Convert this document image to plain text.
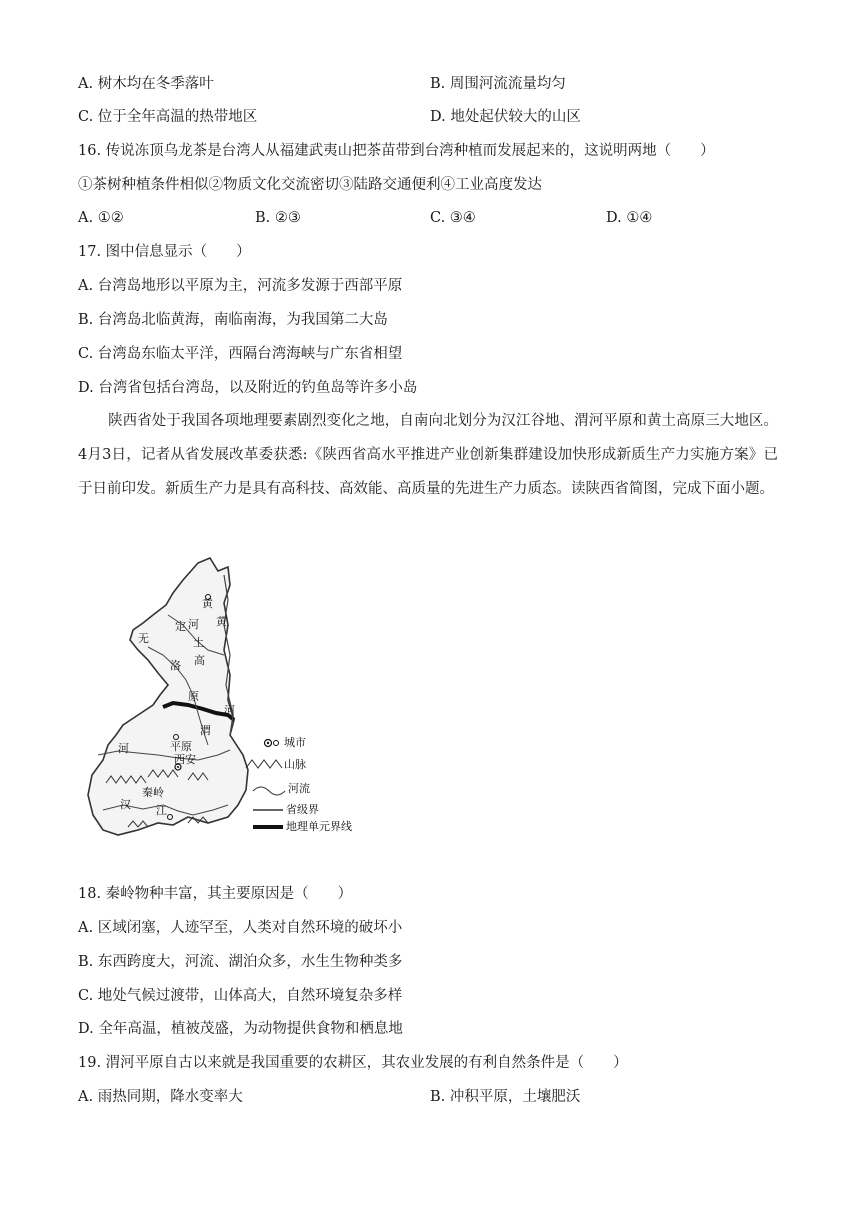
A. 树木均在冬季落叶	B. 周围河流流量均匀
C. 位于全年高温的热带地区	D. 地处起伏较大的山区
16. 传说冻顶乌龙茶是台湾人从福建武夷山把茶苗带到台湾种植而发展起来的，这说明两地（　　）
①茶树种植条件相似②物质文化交流密切③陆路交通便利④工业高度发达
A. ①②	B. ②③	C. ③④	D. ①④
17. 图中信息显示（　　）
A. 台湾岛地形以平原为主，河流多发源于西部平原
B. 台湾岛北临黄海，南临南海，为我国第二大岛
C. 台湾岛东临太平洋，西隔台湾海峡与广东省相望
D. 台湾省包括台湾岛，以及附近的钓鱼岛等许多小岛
陕西省处于我国各项地理要素剧烈变化之地，自南向北划分为汉江谷地、渭河平原和黄土高原三大地区。4月3日，记者从省发展改革委获悉:《陕西省高水平推进产业创新集群建设加快形成新质生产力实施方案》已于日前印发。新质生产力是具有高科技、高效能、高质量的先进生产力质态。读陕西省简图，完成下面小题。
黄
黄
定 河
土
无
洛 高
原
河
渭
河	平 原
西安
秦岭
汉 江
城市
山脉
河流
省级界
地理单元界线
18. 秦岭物种丰富，其主要原因是（　　）
A. 区域闭塞，人迹罕至，人类对自然环境的破坏小
B. 东西跨度大，河流、湖泊众多，水生生物种类多
C. 地处气候过渡带，山体高大，自然环境复杂多样
D. 全年高温，植被茂盛，为动物提供食物和栖息地
19. 渭河平原自古以来就是我国重要的农耕区，其农业发展的有利自然条件是（　　）
A. 雨热同期，降水变率大	B. 冲积平原，土壤肥沃
